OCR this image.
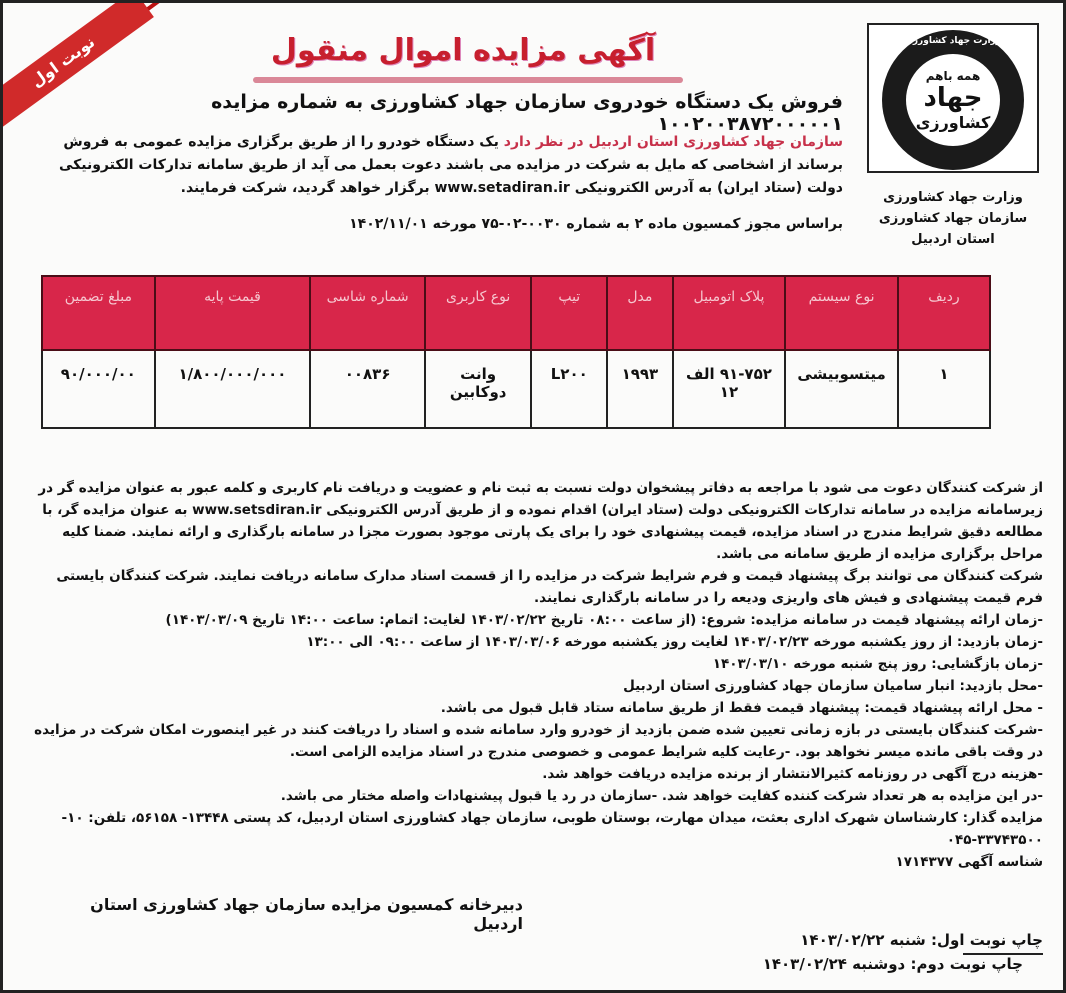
نوبت اول	وزارت جهاد کشاورزی
همه باهم
جهاد
کشاورزی
وزارت جهاد کشاورزی
سازمان جهاد کشاورزی
استان اردبیل
آگهی مزایده اموال منقول
فروش یک دستگاه خودروی سازمان جهاد کشاورزی به شماره مزایده ۱۰۰۲۰۰۳۸۷۲۰۰۰۰۰۱
سازمان جهاد کشاورزی استان اردبیل در نظر دارد یک دستگاه خودرو را از طریق برگزاری مزایده عمومی به فروش برساند از اشخاصی که مایل به شرکت در مزایده می باشند دعوت بعمل می آید از طریق سامانه تدارکات الکترونیکی دولت (ستاد ایران) به آدرس الکترونیکی www.setadiran.ir برگزار خواهد گردید، شرکت فرمایند.
براساس مجوز کمسیون ماده ۲ به شماره ۰۰۳۰-۰۲-۷۵ مورخه ۱۴۰۲/۱۱/۰۱
ردیف	نوع سیستم	پلاک اتومبیل	مدل	تیپ	نوع کاربری	شماره شاسی	قیمت پایه	مبلغ تضمین
۱	میتسوبیشی	۹۱-۷۵۲ الف ۱۲	۱۹۹۳	L۲۰۰	وانت دوکابین	۰۰۸۳۶	۱/۸۰۰/۰۰۰/۰۰۰	۹۰/۰۰۰/۰۰

از شرکت کنندگان دعوت می شود با مراجعه به دفاتر پیشخوان دولت نسبت به ثبت نام و عضویت و دریافت نام کاربری و کلمه عبور به عنوان مزایده گر در زیرسامانه مزایده در سامانه تدارکات الکترونیکی دولت (ستاد ایران) اقدام نموده و از طریق آدرس الکترونیکی www.setsdiran.ir به عنوان مزایده گر، با مطالعه دقیق شرایط مندرج در اسناد مزایده، قیمت پیشنهادی خود را برای یک پارتی موجود بصورت مجزا در سامانه بارگذاری و ارائه نمایند. ضمنا کلیه مراحل برگزاری مزایده از طریق سامانه می باشد.

شرکت کنندگان می توانند برگ پیشنهاد قیمت و فرم شرایط شرکت در مزایده را از قسمت اسناد مدارک سامانه دریافت نمایند. شرکت کنندگان بایستی فرم قیمت پیشنهادی و فیش های واریزی ودیعه را در سامانه بارگذاری نمایند.

-زمان ارائه پیشنهاد قیمت در سامانه مزایده: شروع: (از ساعت ۰۸:۰۰ تاریخ ۱۴۰۳/۰۲/۲۲ لغایت: اتمام: ساعت ۱۴:۰۰ تاریخ ۱۴۰۳/۰۳/۰۹)

-زمان بازدید: از روز یکشنبه مورخه ۱۴۰۳/۰۲/۲۳ لغایت روز یکشنبه مورخه ۱۴۰۳/۰۳/۰۶ از ساعت ۰۹:۰۰ الی ۱۳:۰۰

-زمان بازگشایی: روز پنج شنبه مورخه ۱۴۰۳/۰۳/۱۰

-محل بازدید: انبار سامیان سازمان جهاد کشاورزی استان اردبیل

- محل ارائه پیشنهاد قیمت: پیشنهاد قیمت فقط از طریق سامانه ستاد قابل قبول می باشد.

-شرکت کنندگان بایستی در بازه زمانی تعیین شده ضمن بازدید از خودرو وارد سامانه شده و اسناد را دریافت کنند در غیر اینصورت امکان شرکت در مزایده در وقت باقی مانده میسر نخواهد بود. -رعایت کلیه شرایط عمومی و خصوصی مندرج در اسناد مزایده الزامی است.

-هزینه درج آگهی در روزنامه کثیرالانتشار از برنده مزایده دریافت خواهد شد.

-در این مزایده به هر تعداد شرکت کننده کفایت خواهد شد. -سازمان در رد یا قبول پیشنهادات واصله مختار می باشد.

مزایده گذار: کارشناسان شهرک اداری بعثت، میدان مهارت، بوستان طوبی، سازمان جهاد کشاورزی استان اردبیل، کد پستی ۱۳۴۴۸- ۵۶۱۵۸، تلفن: ۱۰- ۳۳۷۴۳۵۰۰-۰۴۵

شناسه آگهی ۱۷۱۴۳۷۷

دبیرخانه کمسیون مزایده سازمان جهاد کشاورزی استان اردبیل
چاپ نوبت اول: شنبه ۱۴۰۳/۰۲/۲۲
چاپ نوبت دوم: دوشنبه ۱۴۰۳/۰۲/۲۴
